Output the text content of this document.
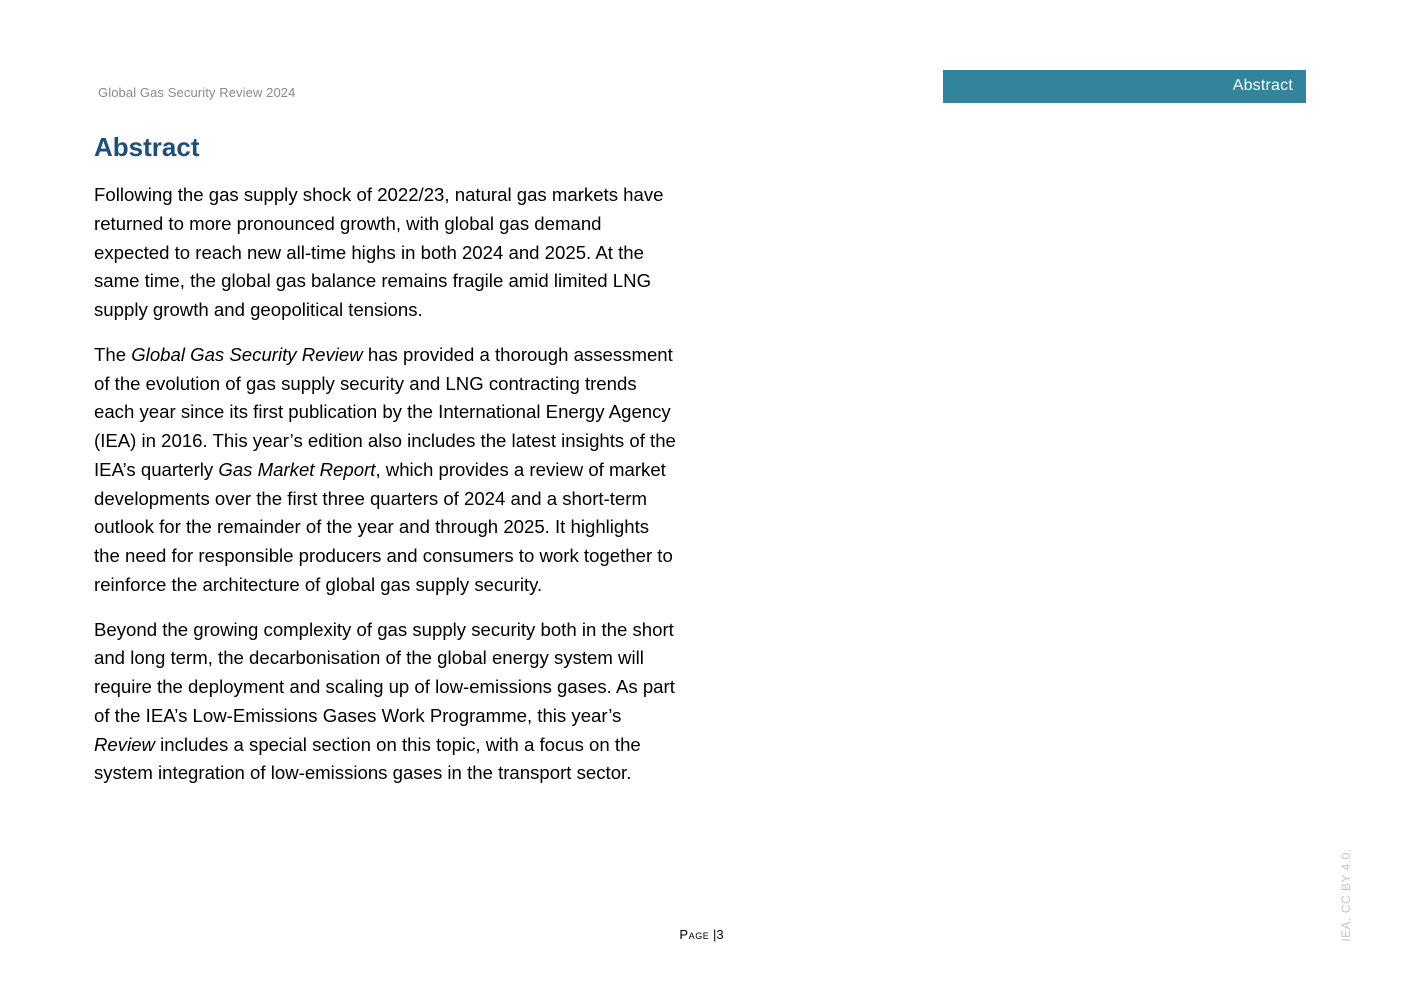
Global Gas Security Review 2024	Abstract
Abstract

Following the gas supply shock of 2022/23, natural gas markets have returned to more pronounced growth, with global gas demand expected to reach new all-time highs in both 2024 and 2025. At the same time, the global gas balance remains fragile amid limited LNG supply growth and geopolitical tensions.

The Global Gas Security Review has provided a thorough assessment of the evolution of gas supply security and LNG contracting trends each year since its first publication by the International Energy Agency (IEA) in 2016. This year’s edition also includes the latest insights of the IEA’s quarterly Gas Market Report, which provides a review of market developments over the first three quarters of 2024 and a short-term outlook for the remainder of the year and through 2025. It highlights the need for responsible producers and consumers to work together to reinforce the architecture of global gas supply security.

Beyond the growing complexity of gas supply security both in the short and long term, the decarbonisation of the global energy system will require the deployment and scaling up of low-emissions gases. As part of the IEA’s Low-Emissions Gases Work Programme, this year’s Review includes a special section on this topic, with a focus on the system integration of low-emissions gases in the transport sector.

Page |3	IEA. CC BY 4.0.
